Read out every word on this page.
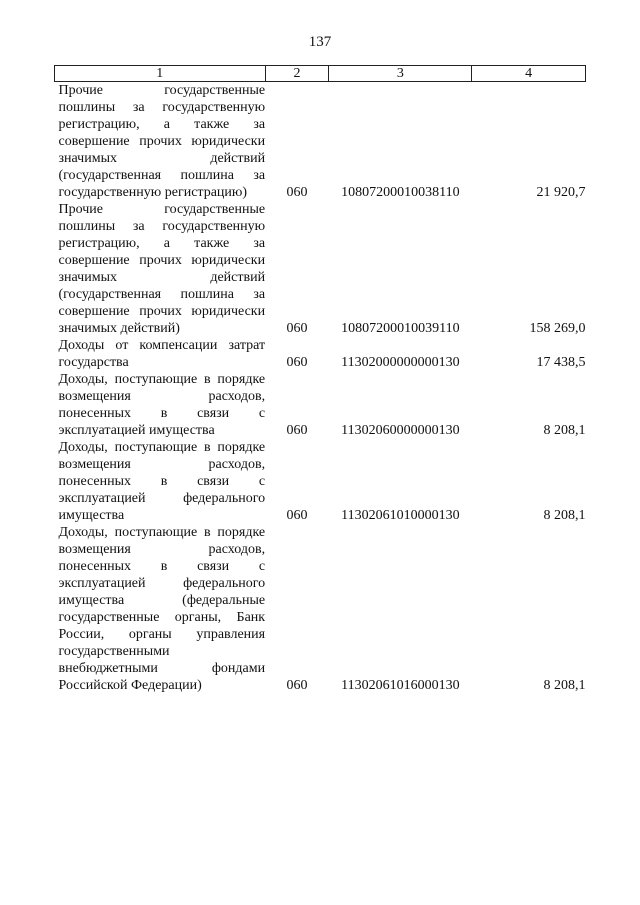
137
1	2	3	4

Прочие государственные пошлины за государственную регистрацию, а также за совершение прочих юридически значимых действий (государственная пошлина за государственную регистрацию)	060	10807200010038110	21 920,7

Прочие государственные пошлины за государственную регистрацию, а также за совершение прочих юридически значимых действий (государственная пошлина за совершение прочих юридически значимых действий)	060	10807200010039110	158 269,0

Доходы от компенсации затрат государства	060	11302000000000130	17 438,5

Доходы, поступающие в порядке возмещения расходов, понесенных в связи с эксплуатацией имущества	060	11302060000000130	8 208,1

Доходы, поступающие в порядке возмещения расходов, понесенных в связи с эксплуатацией федерального имущества	060	11302061010000130	8 208,1

Доходы, поступающие в порядке возмещения расходов, понесенных в связи с эксплуатацией федерального имущества (федеральные государственные органы, Банк России, органы управления государственными внебюджетными фондами Российской Федерации)	060	11302061016000130	8 208,1
